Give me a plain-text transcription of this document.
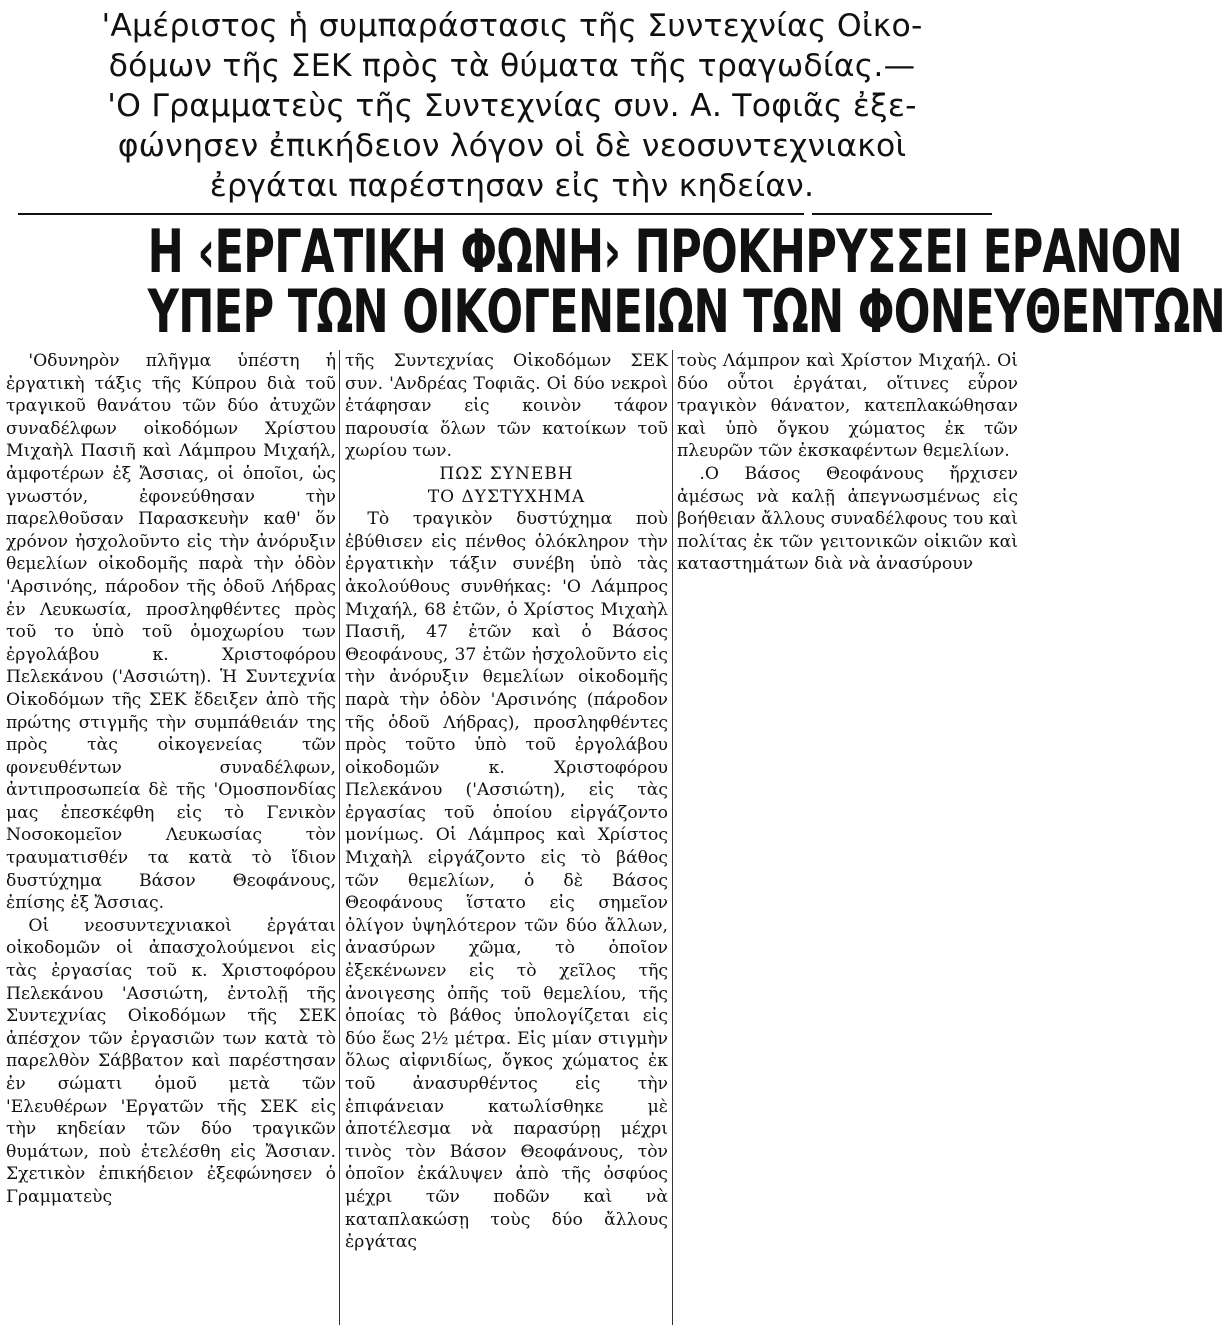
'Αμέριστος ἡ συμπαράστασις τῆς Συντεχνίας Οἰκο-
δόμων τῆς ΣΕΚ πρὸς τὰ θύματα τῆς τραγωδίας.—
'Ο Γραμματεὺς τῆς Συντεχνίας συν. Α. Τοφιᾶς ἐξε-
φώνησεν ἐπικήδειον λόγον οἱ δὲ νεοσυντεχνιακοὶ
ἐργάται παρέστησαν εἰς τὴν κηδείαν.
Η ‹ΕΡΓΑΤΙΚΗ ΦΩΝΗ› ΠΡΟΚΗΡΥΣΣΕΙ ΕΡΑΝΟΝ
ΥΠΕΡ ΤΩΝ ΟΙΚΟΓΕΝΕΙΩΝ ΤΩΝ ΦΟΝΕΥΘΕΝΤΩΝ
'Οδυνηρὸν πλῆγμα ὑπέστη ἡ ἐργατικὴ τάξις τῆς Κύπρου διὰ τοῦ τραγικοῦ θανάτου τῶν δύο ἀτυχῶν συναδέλφων οἰκοδόμων Χρίστου Μιχαὴλ Πασιῆ καὶ Λάμπρου Μιχαήλ, ἀμφοτέρων ἐξ Ἄσσιας, οἱ ὁποῖοι, ὡς γνωστόν, ἐφονεύθησαν τὴν παρελθοῦσαν Παρασκευὴν καθ' ὅν χρόνον ἠσχολοῦντο εἰς τὴν ἀνόρυξιν θεμελίων οἰκοδομῆς παρὰ τὴν ὁδὸν 'Αρσινόης, πάροδον τῆς ὁδοῦ Λήδρας ἐν Λευκωσία, προσληφθέντες πρὸς τοῦ το ὑπὸ τοῦ ὁμοχωρίου των ἐργολάβου κ. Χριστοφόρου Πελεκάνου ('Ασσιώτη). Ἡ Συντεχνία Οἰκοδόμων τῆς ΣΕΚ ἔδειξεν ἀπὸ τῆς πρώτης στιγμῆς τὴν συμπάθειάν της πρὸς τὰς οἰκογενείας τῶν φονευθέντων συναδέλφων, ἀντιπροσωπεία δὲ τῆς 'Ομοσπονδίας μας ἐπεσκέφθη εἰς τὸ Γενικὸν Νοσοκομεῖον Λευκωσίας τὸν τραυματισθέν τα κατὰ τὸ ἴδιον δυστύχημα Βάσον Θεοφάνους, ἐπίσης ἐξ Ἄσσιας.
Οἱ νεοσυντεχνιακοὶ ἐργάται οἰκοδομῶν οἱ ἀπασχολούμενοι εἰς τὰς ἐργασίας τοῦ κ. Χριστοφόρου Πελεκάνου 'Ασσιώτη, ἐντολῇ τῆς Συντεχνίας Οἰκοδόμων τῆς ΣΕΚ ἀπέσχον τῶν ἐργασιῶν των κατὰ τὸ παρελθὸν Σάββατον καὶ παρέστησαν ἐν σώματι ὁμοῦ μετὰ τῶν 'Ελευθέρων 'Εργατῶν τῆς ΣΕΚ εἰς τὴν κηδείαν τῶν δύο τραγικῶν θυμάτων, ποὺ ἐτελέσθη εἰς Ἄσσιαν. Σχετικὸν ἐπικήδειον ἐξεφώνησεν ὁ Γραμματεὺς
τῆς Συντεχνίας Οἰκοδόμων ΣΕΚ συν. 'Ανδρέας Τοφιᾶς. Οἱ δύο νεκροὶ ἐτάφησαν εἰς κοινὸν τάφον παρουσία ὅλων τῶν κατοίκων τοῦ χωρίου των.
ΠΩΣ ΣΥΝΕΒΗ
ΤΟ ΔΥΣΤΥΧΗΜΑ
Τὸ τραγικὸν δυστύχημα ποὺ ἐβύθισεν εἰς πένθος ὁλόκληρον τὴν ἐργατικὴν τάξιν συνέβη ὑπὸ τὰς ἀκολούθους συνθήκας: 'Ο Λάμπρος Μιχαήλ, 68 ἐτῶν, ὁ Χρίστος Μιχαὴλ Πασιῆ, 47 ἐτῶν καὶ ὁ Βάσος Θεοφάνους, 37 ἐτῶν ἠσχολοῦντο εἰς τὴν ἀνόρυξιν θεμελίων οἰκοδομῆς παρὰ τὴν ὁδὸν 'Αρσινόης (πάροδον τῆς ὁδοῦ Λήδρας), προσληφθέντες πρὸς τοῦτο ὑπὸ τοῦ ἐργολάβου οἰκοδομῶν κ. Χριστοφόρου Πελεκάνου ('Ασσιώτη), εἰς τὰς ἐργασίας τοῦ ὁποίου εἰργάζοντο μονίμως. Οἱ Λάμπρος καὶ Χρίστος Μιχαὴλ εἰργάζοντο εἰς τὸ βάθος τῶν θεμελίων, ὁ δὲ Βάσος Θεοφάνους ἵστατο εἰς σημεῖον ὀλίγον ὑψηλότερον τῶν δύο ἄλλων, ἀνασύρων χῶμα, τὸ ὁποῖον ἐξεκένωνεν εἰς τὸ χεῖλος τῆς ἀνοιγεσης ὀπῆς τοῦ θεμελίου, τῆς ὁποίας τὸ βάθος ὑπολογίζεται εἰς δύο ἕως 2½ μέτρα. Εἰς μίαν στιγμὴν ὅλως αἰφνιδίως, ὄγκος χώματος ἐκ τοῦ ἀνασυρθέντος εἰς τὴν ἐπιφάνειαν κατωλίσθηκε μὲ ἀποτέλεσμα νὰ παρασύρῃ μέχρι τινὸς τὸν Βάσον Θεοφάνους, τὸν ὁποῖον ἐκάλυψεν ἀπὸ τῆς ὀσφύος μέχρι τῶν ποδῶν καὶ νὰ καταπλακώσῃ τοὺς δύο ἄλλους ἐργάτας
τοὺς Λάμπρον καὶ Χρίστον Μιχαήλ. Οἱ δύο οὗτοι ἐργάται, οἵτινες εὗρον τραγικὸν θάνατον, κατεπλακώθησαν καὶ ὑπὸ ὄγκου χώματος ἐκ τῶν πλευρῶν τῶν ἐκσκαφέντων θεμελίων.
.Ο Βάσος Θεοφάνους ἤρχισεν ἀμέσως νὰ καλῇ ἀπεγνωσμένως εἰς βοήθειαν ἄλλους συναδέλφους του καὶ πολίτας ἐκ τῶν γειτονικῶν οἰκιῶν καὶ καταστημάτων διὰ νὰ ἀνασύρουν
